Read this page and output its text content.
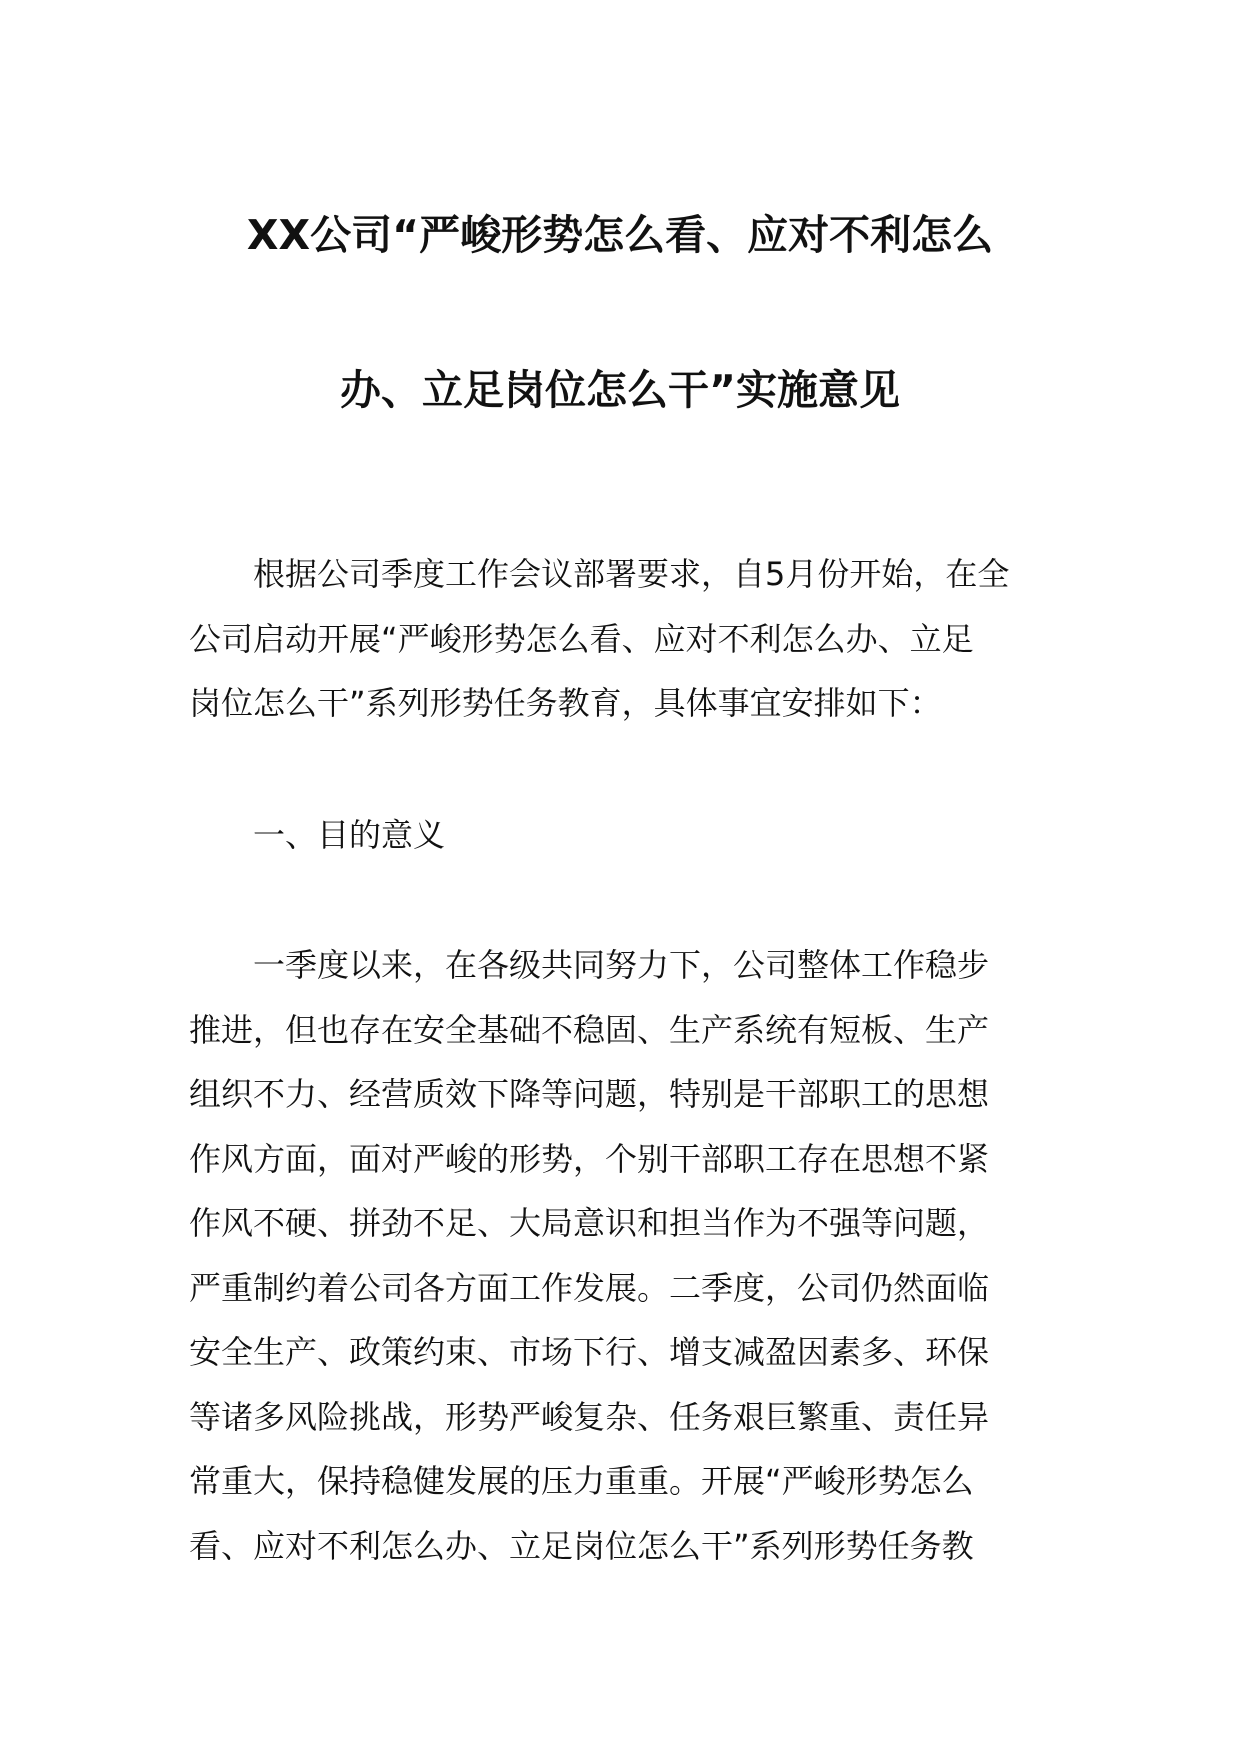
XX公司“严峻形势怎么看、应对不利怎么
办、立足岗位怎么干”实施意见
根据公司季度工作会议部署要求，自5月份开始，在全
公司启动开展“严峻形势怎么看、应对不利怎么办、立足
岗位怎么干”系列形势任务教育，具体事宜安排如下：
一、目的意义
一季度以来，在各级共同努力下，公司整体工作稳步
推进，但也存在安全基础不稳固、生产系统有短板、生产
组织不力、经营质效下降等问题，特别是干部职工的思想
作风方面，面对严峻的形势，个别干部职工存在思想不紧
作风不硬、拼劲不足、大局意识和担当作为不强等问题，
严重制约着公司各方面工作发展。二季度，公司仍然面临
安全生产、政策约束、市场下行、增支减盈因素多、环保
等诸多风险挑战，形势严峻复杂、任务艰巨繁重、责任异
常重大，保持稳健发展的压力重重。开展“严峻形势怎么
看、应对不利怎么办、立足岗位怎么干”系列形势任务教
